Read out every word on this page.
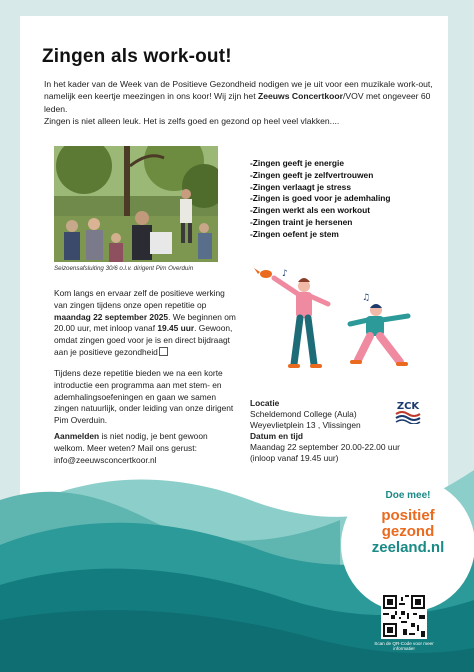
Zingen als work-out!
In het kader van de Week van de Positieve Gezondheid nodigen we je uit voor een muzikale work-out, namelijk een keertje meezingen in ons koor! Wij zijn het Zeeuws Concertkoor/VOV met ongeveer 60 leden.
Zingen is niet alleen leuk. Het is zelfs goed en gezond op heel veel vlakken....
Seizoensafsluiting 30/6 o.l.v. dirigent Pim Overduin
-Zingen geeft je energie
-Zingen geeft je zelfvertrouwen
-Zingen verlaagt je stress
-Zingen is goed voor je ademhaling
-Zingen werkt als een workout
-Zingen traint je hersenen
-Zingen oefent je stem
Kom langs en ervaar zelf de positieve werking van zingen tijdens onze open repetitie op maandag 22 september 2025. We beginnen om 20.00 uur, met inloop vanaf 19.45 uur. Gewoon, omdat zingen goed voor je is en direct bijdraagt aan je positieve gezondheid
Tijdens deze repetitie bieden we na een korte introductie een programma aan met stem- en ademhalingsoefeningen en gaan we samen zingen natuurlijk, onder leiding van onze dirigent Pim Overduin.
Aanmelden is niet nodig, je bent gewoon welkom. Meer weten? Mail ons gerust: info@zeeuwsconcertkoor.nl
♪
♫
Locatie
Scheldemond College (Aula)
Weyevlietplein 13 , Vlissingen
Datum en tijd
Maandag 22 september 20.00-22.00 uur
(inloop vanaf 19.45 uur)
ZCK
Doe mee!
positief
gezond
zeeland.nl
Scan de QR-Code voor meer informatie!
